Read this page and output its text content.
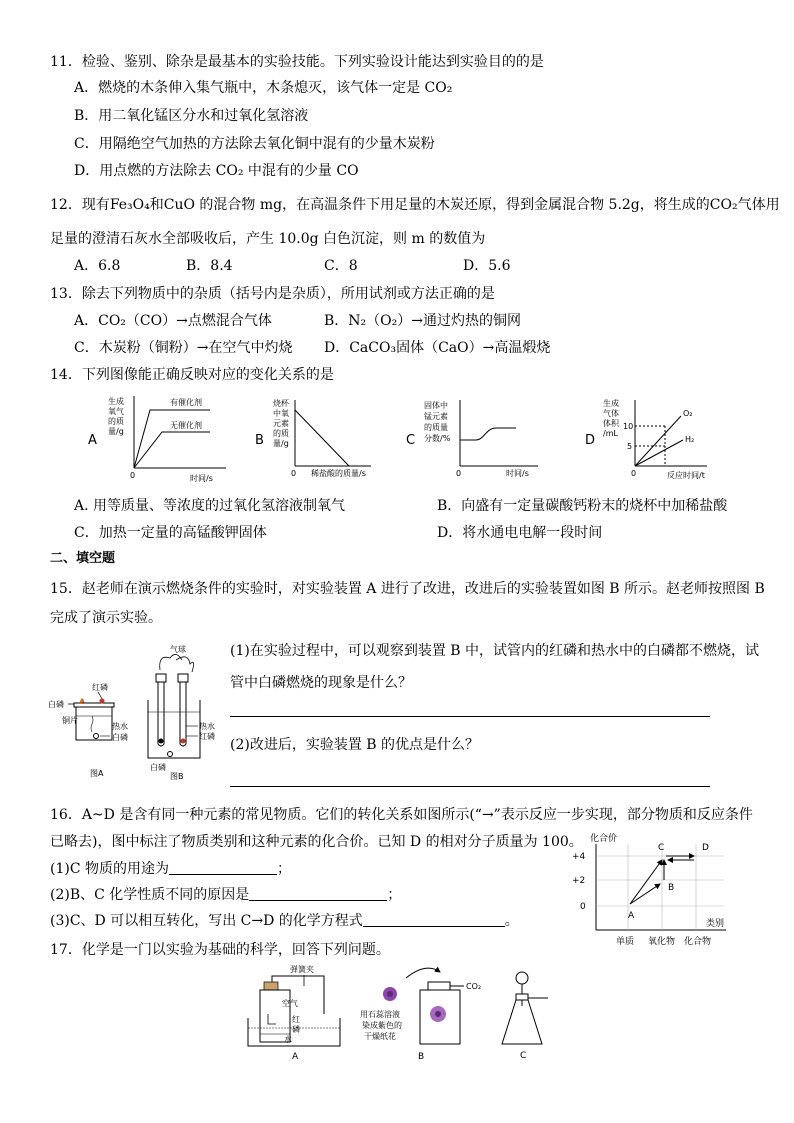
11．检验、鉴别、除杂是最基本的实验技能。下列实验设计能达到实验目的的是
A．燃烧的木条伸入集气瓶中，木条熄灭，该气体一定是 CO₂
B．用二氧化锰区分水和过氧化氢溶液
C．用隔绝空气加热的方法除去氧化铜中混有的少量木炭粉
D．用点燃的方法除去 CO₂ 中混有的少量 CO
12．现有Fe₃O₄和CuO 的混合物 mg，在高温条件下用足量的木炭还原，得到金属混合物 5.2g，将生成的CO₂气体用
足量的澄清石灰水全部吸收后，产生 10.0g 白色沉淀，则 m 的数值为
A．6.8	B．8.4	C．8	D．5.6
13．除去下列物质中的杂质（括号内是杂质），所用试剂或方法正确的是
A．CO₂（CO）→点燃混合气体	B．N₂（O₂）→通过灼热的铜网
C．木炭粉（铜粉）→在空气中灼烧 D．CaCO₃固体（CaO）→高温煅烧
14．下列图像能正确反映对应的变化关系的是
A
生成
氧气
的质
量/g
有催化剂
无催化剂
0	时间/s
B
烧杯
中氧
元素
的质
量/g
0 稀盐酸的质量/s
C
固体中
锰元素
的质量
分数/%
0	时间/s
D
生成
气体
体积
/mL
10
5
O₂
H₂
0	反应时间/t
A. 用等质量、等浓度的过氧化氢溶液制氧气	B．向盛有一定量碳酸钙粉末的烧杯中加稀盐酸
C．加热一定量的高锰酸钾固体	D．将水通电电解一段时间
二、填空题
15．赵老师在演示燃烧条件的实验时，对实验装置 A 进行了改进，改进后的实验装置如图 B 所示。赵老师按照图 B
完成了演示实验。
白磷
红磷
铜片
热水
白磷
图A
气球
热水
红磷
白磷
图B
(1)在实验过程中，可以观察到装置 B 中，试管内的红磷和热水中的白磷都不燃烧，试
管中白磷燃烧的现象是什么？
(2)改进后，实验装置 B 的优点是什么？
16．A~D 是含有同一种元素的常见物质。它们的转化关系如图所示(“→”表示反应一步实现，部分物质和反应条件
已略去)，图中标注了物质类别和这种元素的化合价。已知 D 的相对分子质量为 100。
(1)C 物质的用途为	；
(2)B、C 化学性质不同的原因是	；
(3)C、D 可以相互转化，写出 C→D 的化学方程式	。
化合价
+4
+2
0
类别
单质 氧化物 化合物
A
B
C	D
17．化学是一门以实验为基础的科学，回答下列问题。
弹簧夹
空气
红
磷
水
A
用石蕊溶液
染成紫色的
干燥纸花
CO₂
B	C
